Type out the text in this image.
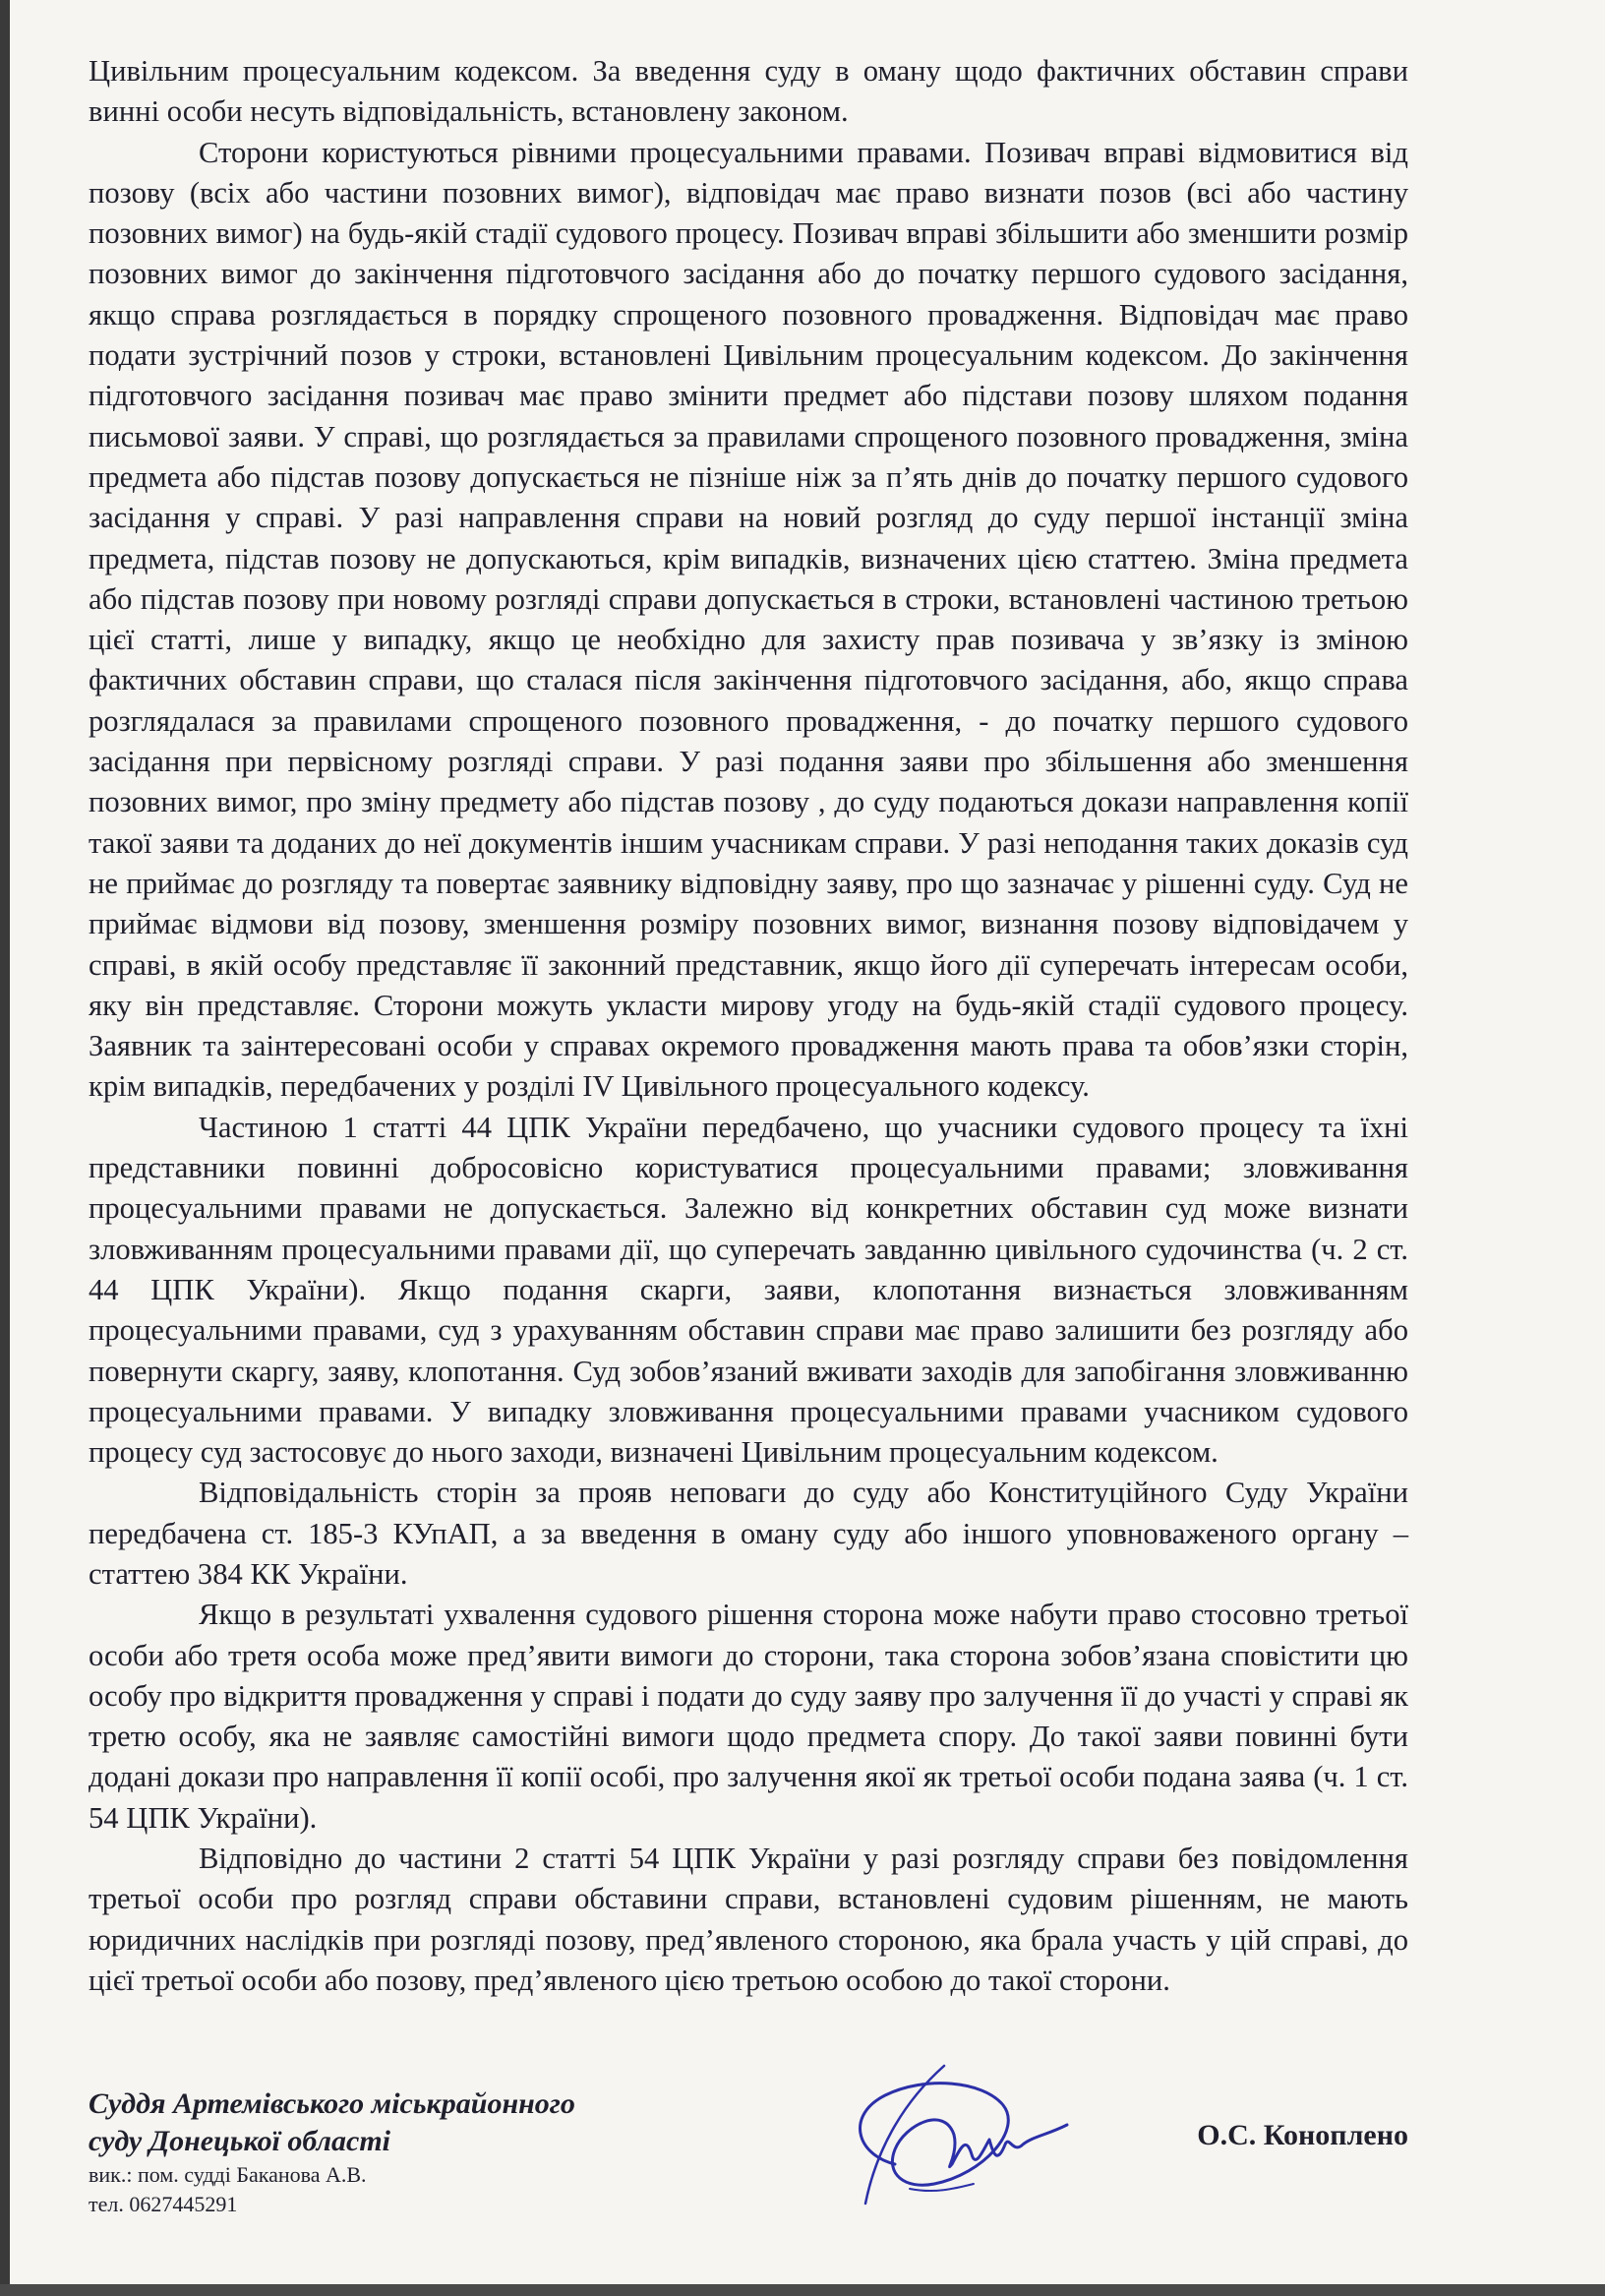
Цивільним процесуальним кодексом. За введення суду в оману щодо фактичних обставин справи винні особи несуть відповідальність, встановлену законом.

Сторони користуються рівними процесуальними правами. Позивач вправі відмовитися від позову (всіх або частини позовних вимог), відповідач має право визнати позов (всі або частину позовних вимог) на будь-якій стадії судового процесу. Позивач вправі збільшити або зменшити розмір позовних вимог до закінчення підготовчого засідання або до початку першого судового засідання, якщо справа розглядається в порядку спрощеного позовного провадження. Відповідач має право подати зустрічний позов у строки, встановлені Цивільним процесуальним кодексом. До закінчення підготовчого засідання позивач має право змінити предмет або підстави позову шляхом подання письмової заяви. У справі, що розглядається за правилами спрощеного позовного провадження, зміна предмета або підстав позову допускається не пізніше ніж за п’ять днів до початку першого судового засідання у справі. У разі направлення справи на новий розгляд до суду першої інстанції зміна предмета, підстав позову не допускаються, крім випадків, визначених цією статтею. Зміна предмета або підстав позову при новому розгляді справи допускається в строки, встановлені частиною третьою цієї статті, лише у випадку, якщо це необхідно для захисту прав позивача у зв’язку із зміною фактичних обставин справи, що сталася після закінчення підготовчого засідання, або, якщо справа розглядалася за правилами спрощеного позовного провадження, - до початку першого судового засідання при первісному розгляді справи. У разі подання заяви про збільшення або зменшення позовних вимог, про зміну предмету або підстав позову , до суду подаються докази направлення копії такої заяви та доданих до неї документів іншим учасникам справи. У разі неподання таких доказів суд не приймає до розгляду та повертає заявнику відповідну заяву, про що зазначає у рішенні суду. Суд не приймає відмови від позову, зменшення розміру позовних вимог, визнання позову відповідачем у справі, в якій особу представляє її законний представник, якщо його дії суперечать інтересам особи, яку він представляє. Сторони можуть укласти мирову угоду на будь-якій стадії судового процесу. Заявник та заінтересовані особи у справах окремого провадження мають права та обов’язки сторін, крім випадків, передбачених у розділі IV Цивільного процесуального кодексу.

Частиною 1 статті 44 ЦПК України передбачено, що учасники судового процесу та їхні представники повинні добросовісно користуватися процесуальними правами; зловживання процесуальними правами не допускається. Залежно від конкретних обставин суд може визнати зловживанням процесуальними правами дії, що суперечать завданню цивільного судочинства (ч. 2 ст. 44 ЦПК України). Якщо подання скарги, заяви, клопотання визнається зловживанням процесуальними правами, суд з урахуванням обставин справи має право залишити без розгляду або повернути скаргу, заяву, клопотання. Суд зобов’язаний вживати заходів для запобігання зловживанню процесуальними правами. У випадку зловживання процесуальними правами учасником судового процесу суд застосовує до нього заходи, визначені Цивільним процесуальним кодексом.

Відповідальність сторін за прояв неповаги до суду або Конституційного Суду України передбачена ст. 185-3 КУпАП, а за введення в оману суду або іншого уповноваженого органу – статтею 384 КК України.

Якщо в результаті ухвалення судового рішення сторона може набути право стосовно третьої особи або третя особа може пред’явити вимоги до сторони, така сторона зобов’язана сповістити цю особу про відкриття провадження у справі і подати до суду заяву про залучення її до участі у справі як третю особу, яка не заявляє самостійні вимоги щодо предмета спору. До такої заяви повинні бути додані докази про направлення її копії особі, про залучення якої як третьої особи подана заява (ч. 1 ст. 54 ЦПК України).

Відповідно до частини 2 статті 54 ЦПК України у разі розгляду справи без повідомлення третьої особи про розгляд справи обставини справи, встановлені судовим рішенням, не мають юридичних наслідків при розгляді позову, пред’явленого стороною, яка брала участь у цій справі, до цієї третьої особи або позову, пред’явленого цією третьою особою до такої сторони.

Суддя Артемівського міськрайонного
суду Донецької області
вик.: пом. судді Баканова А.В.
тел. 0627445291
О.С. Коноплено
